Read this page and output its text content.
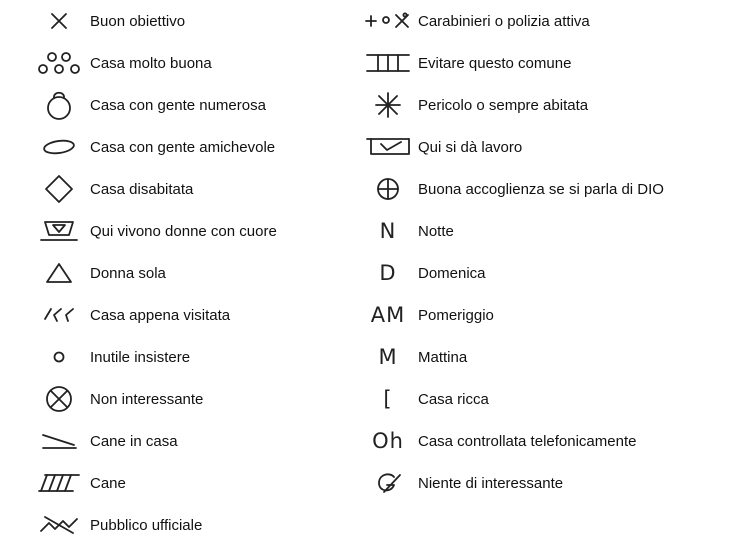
Buon obiettivo
Casa molto buona
Casa con gente numerosa
Casa con gente amichevole
Casa disabitata
Qui vivono donne con cuore
Donna sola
Casa appena visitata
Inutile insistere
Non interessante
Cane in casa
Cane
Pubblico ufficiale
Carabinieri o polizia attiva
Evitare questo comune
Pericolo o sempre abitata
Qui si dà lavoro
Buona accoglienza se si parla di DIO
N Notte
D Domenica
AM Pomeriggio
M Mattina
[ Casa ricca
Oh Casa controllata telefonicamente
Niente di interessante
